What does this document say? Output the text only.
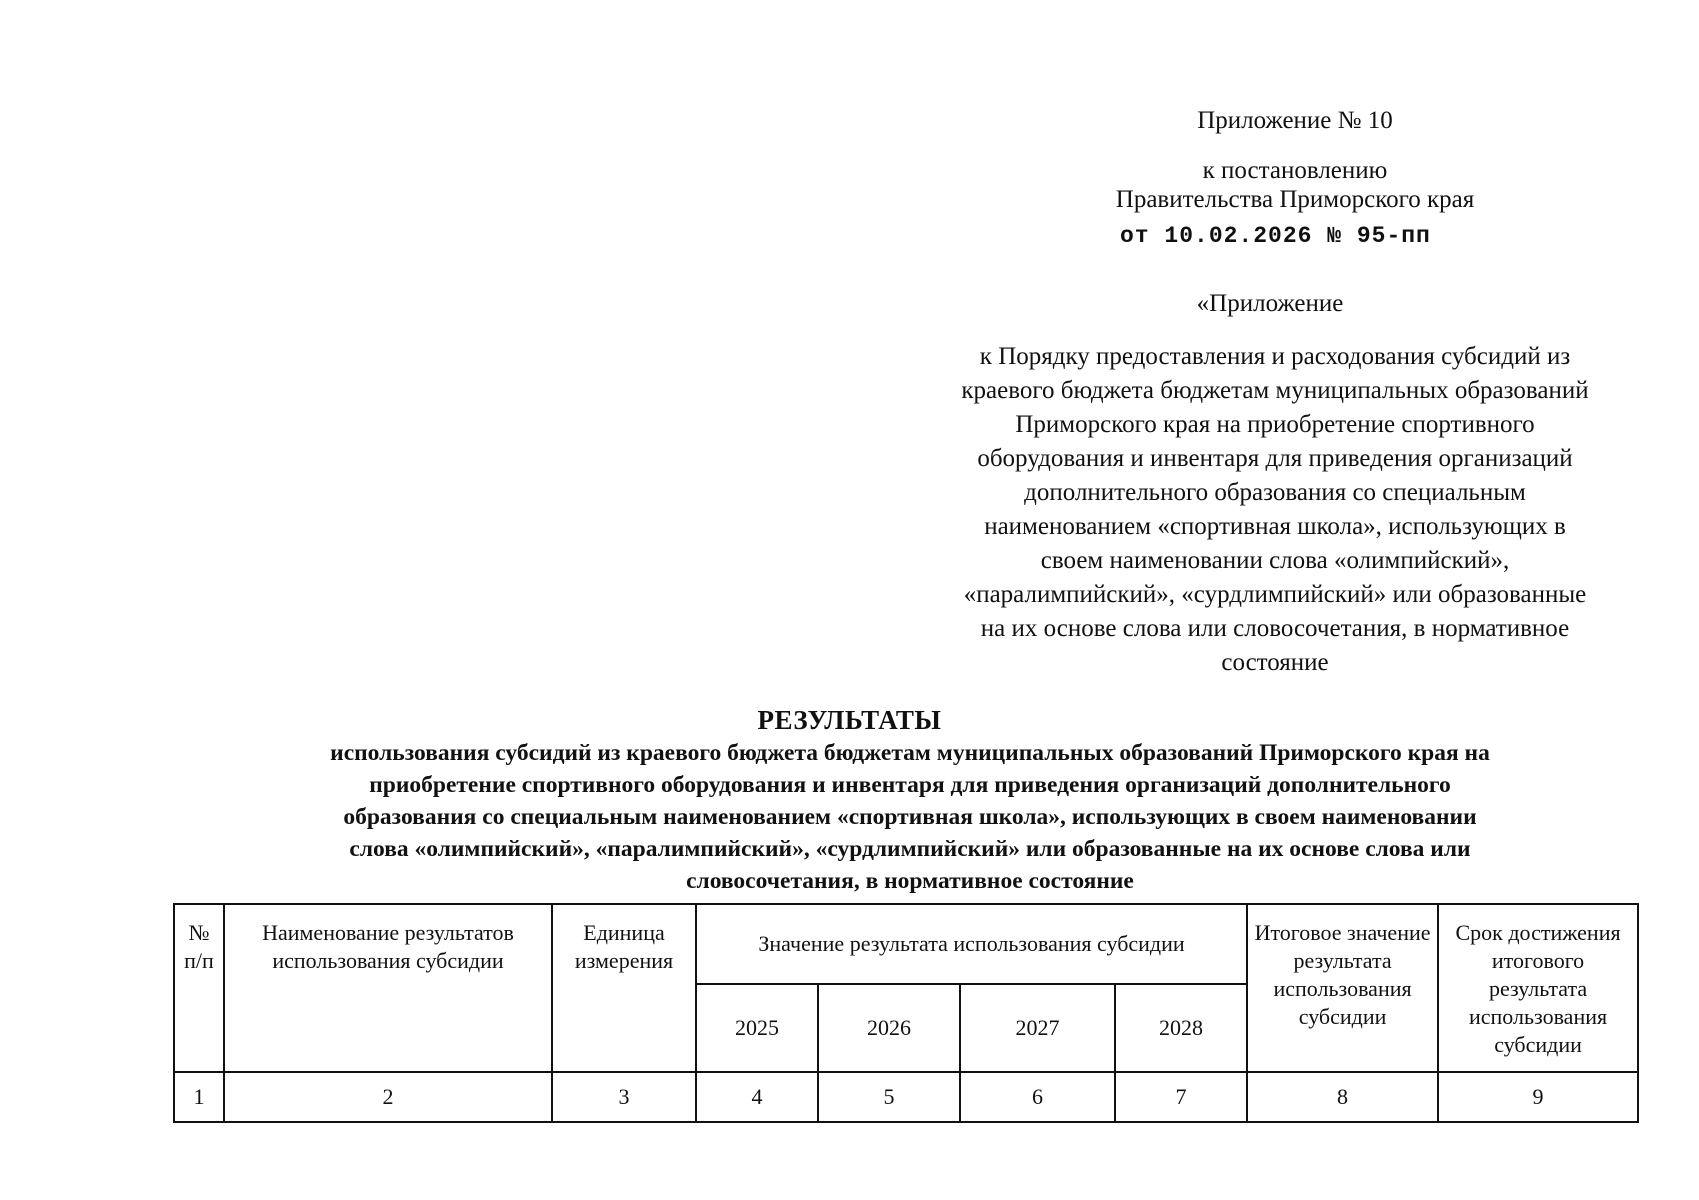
Приложение № 10
к постановлению
Правительства Приморского края
от 10.02.2026 № 95-пп
«Приложение
к Порядку предоставления и расходования субсидий из
краевого бюджета бюджетам муниципальных образований
Приморского края на приобретение спортивного
оборудования и инвентаря для приведения организаций
дополнительного образования со специальным
наименованием «спортивная школа», использующих в
своем наименовании слова «олимпийский»,
«паралимпийский», «сурдлимпийский» или образованные
на их основе слова или словосочетания, в нормативное
состояние
РЕЗУЛЬТАТЫ
использования субсидий из краевого бюджета бюджетам муниципальных образований Приморского края на
приобретение спортивного оборудования и инвентаря для приведения организаций дополнительного
образования со специальным наименованием «спортивная школа», использующих в своем наименовании
слова «олимпийский», «паралимпийский», «сурдлимпийский» или образованные на их основе слова или
словосочетания, в нормативное состояние
№ п/п	Наименование результатов использования субсидии	Единица измерения	Значение результата использования субсидии				Итоговое значение результата использования субсидии	Срок достижения итогового результата использования субсидии
			2025	2026	2027	2028		
1	2	3	4	5	6	7	8	9
